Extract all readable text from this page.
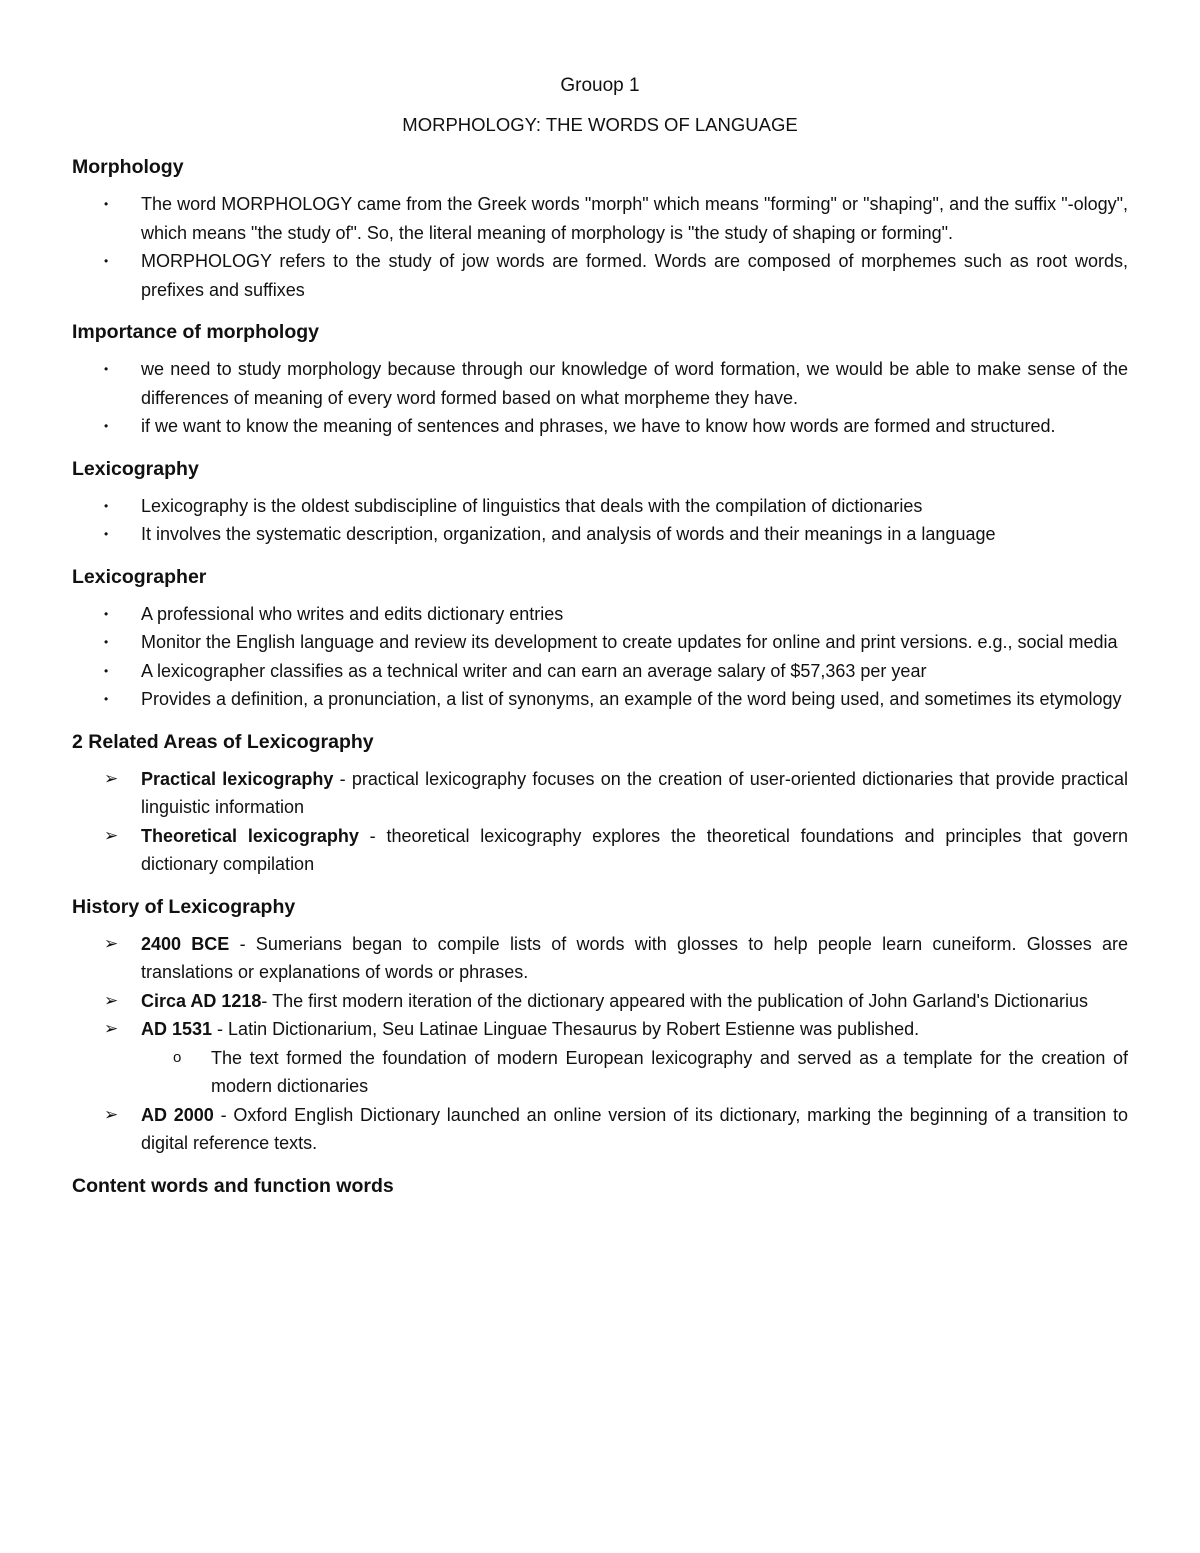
Grouop 1

MORPHOLOGY: THE WORDS OF LANGUAGE

Morphology
•	The word MORPHOLOGY came from the Greek words "morph" which means "forming" or "shaping", and the suffix "-ology", which means "the study of". So, the literal meaning of morphology is "the study of shaping or forming".
•	MORPHOLOGY refers to the study of jow words are formed. Words are composed of morphemes such as root words, prefixes and suffixes
Importance of morphology
•	we need to study morphology because through our knowledge of word formation, we would be able to make sense of the differences of meaning of every word formed based on what morpheme they have.
•	if we want to know the meaning of sentences and phrases, we have to know how words are formed and structured.
Lexicography
•	Lexicography is the oldest subdiscipline of linguistics that deals with the compilation of dictionaries
•	It involves the systematic description, organization, and analysis of words and their meanings in a language
Lexicographer
•	A professional who writes and edits dictionary entries
•	Monitor the English language and review its development to create updates for online and print versions. e.g., social media
•	A lexicographer classifies as a technical writer and can earn an average salary of $57,363 per year
•	Provides a definition, a pronunciation, a list of synonyms, an example of the word being used, and sometimes its etymology
2 Related Areas of Lexicography
➢	Practical lexicography - practical lexicography focuses on the creation of user-oriented dictionaries that provide practical linguistic information
➢	Theoretical lexicography - theoretical lexicography explores the theoretical foundations and principles that govern dictionary compilation
History of Lexicography
➢	2400 BCE - Sumerians began to compile lists of words with glosses to help people learn cuneiform. Glosses are translations or explanations of words or phrases.
➢	Circa AD 1218- The first modern iteration of the dictionary appeared with the publication of John Garland's Dictionarius
➢	AD 1531 - Latin Dictionarium, Seu Latinae Linguae Thesaurus by Robert Estienne was published.
o	The text formed the foundation of modern European lexicography and served as a template for the creation of modern dictionaries
➢	AD 2000 - Oxford English Dictionary launched an online version of its dictionary, marking the beginning of a transition to digital reference texts.
Content words and function words
